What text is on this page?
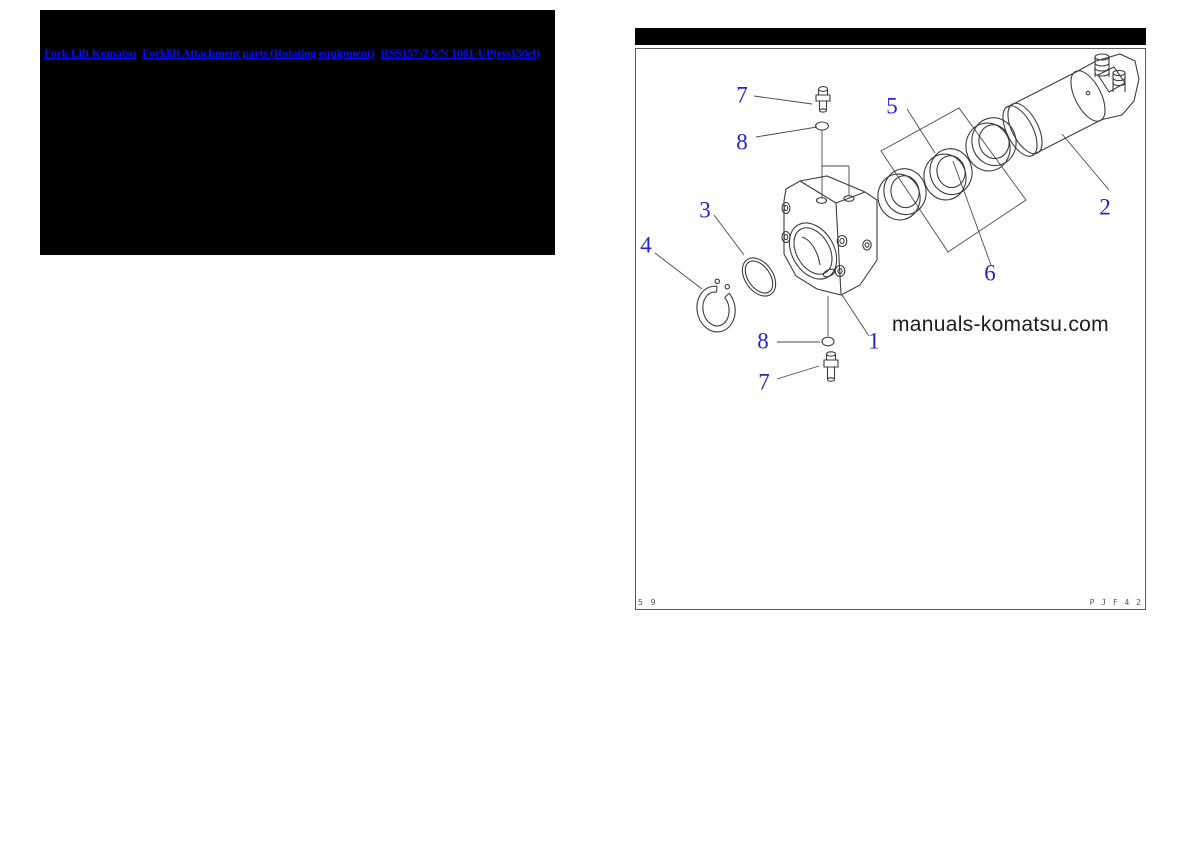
Fork Lift Komatsu Forklift Attachment parts (Rotating equipment) RSS157-2 S/N 1001-UP(rss150el)
7
8
5
2
3
4
6
8	1
7
manuals-komatsu.com
5 9	P J F 4 2
